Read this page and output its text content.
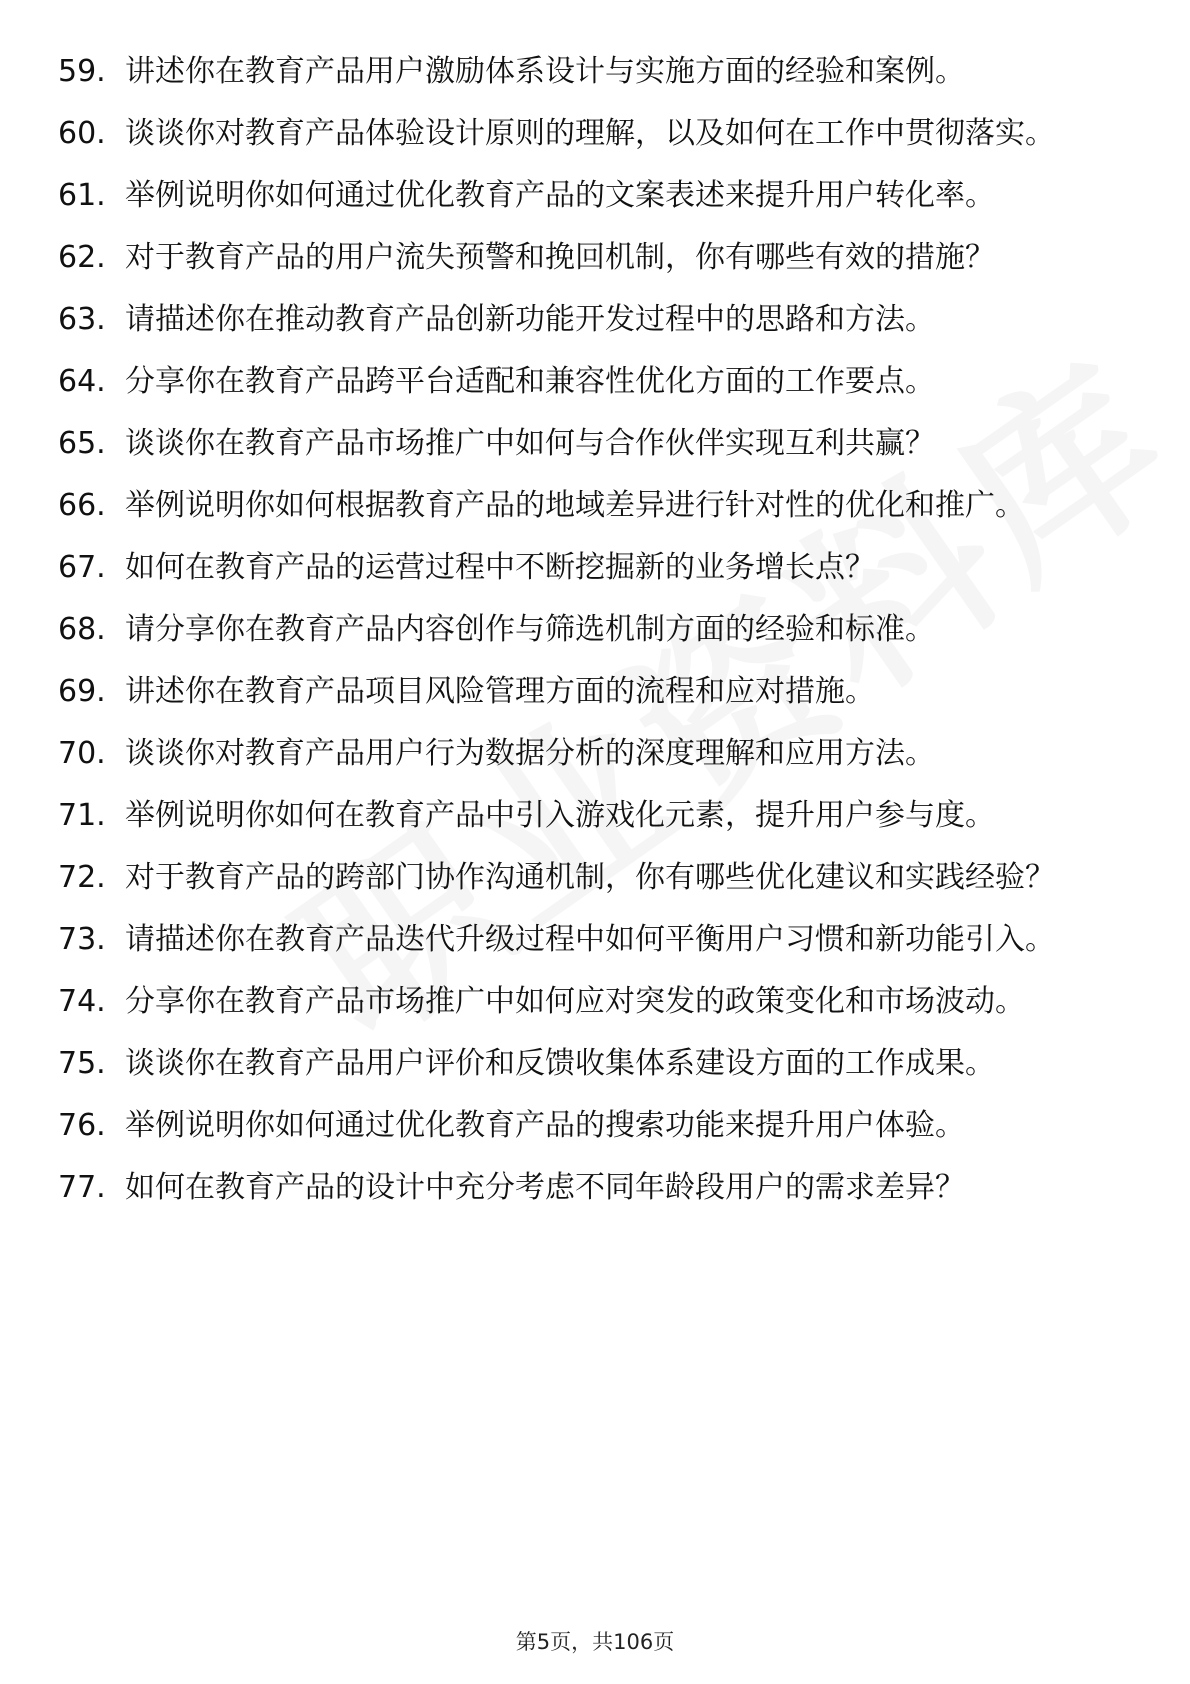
59. 讲述你在教育产品用户激励体系设计与实施方面的经验和案例。
60. 谈谈你对教育产品体验设计原则的理解，以及如何在工作中贯彻落实。
61. 举例说明你如何通过优化教育产品的文案表述来提升用户转化率。
62. 对于教育产品的用户流失预警和挽回机制，你有哪些有效的措施？
63. 请描述你在推动教育产品创新功能开发过程中的思路和方法。
64. 分享你在教育产品跨平台适配和兼容性优化方面的工作要点。
65. 谈谈你在教育产品市场推广中如何与合作伙伴实现互利共赢？
66. 举例说明你如何根据教育产品的地域差异进行针对性的优化和推广。
67. 如何在教育产品的运营过程中不断挖掘新的业务增长点？
68. 请分享你在教育产品内容创作与筛选机制方面的经验和标准。
69. 讲述你在教育产品项目风险管理方面的流程和应对措施。
70. 谈谈你对教育产品用户行为数据分析的深度理解和应用方法。
71. 举例说明你如何在教育产品中引入游戏化元素，提升用户参与度。
72. 对于教育产品的跨部门协作沟通机制，你有哪些优化建议和实践经验？
73. 请描述你在教育产品迭代升级过程中如何平衡用户习惯和新功能引入。
74. 分享你在教育产品市场推广中如何应对突发的政策变化和市场波动。
75. 谈谈你在教育产品用户评价和反馈收集体系建设方面的工作成果。
76. 举例说明你如何通过优化教育产品的搜索功能来提升用户体验。
77. 如何在教育产品的设计中充分考虑不同年龄段用户的需求差异？
第5页，共106页
